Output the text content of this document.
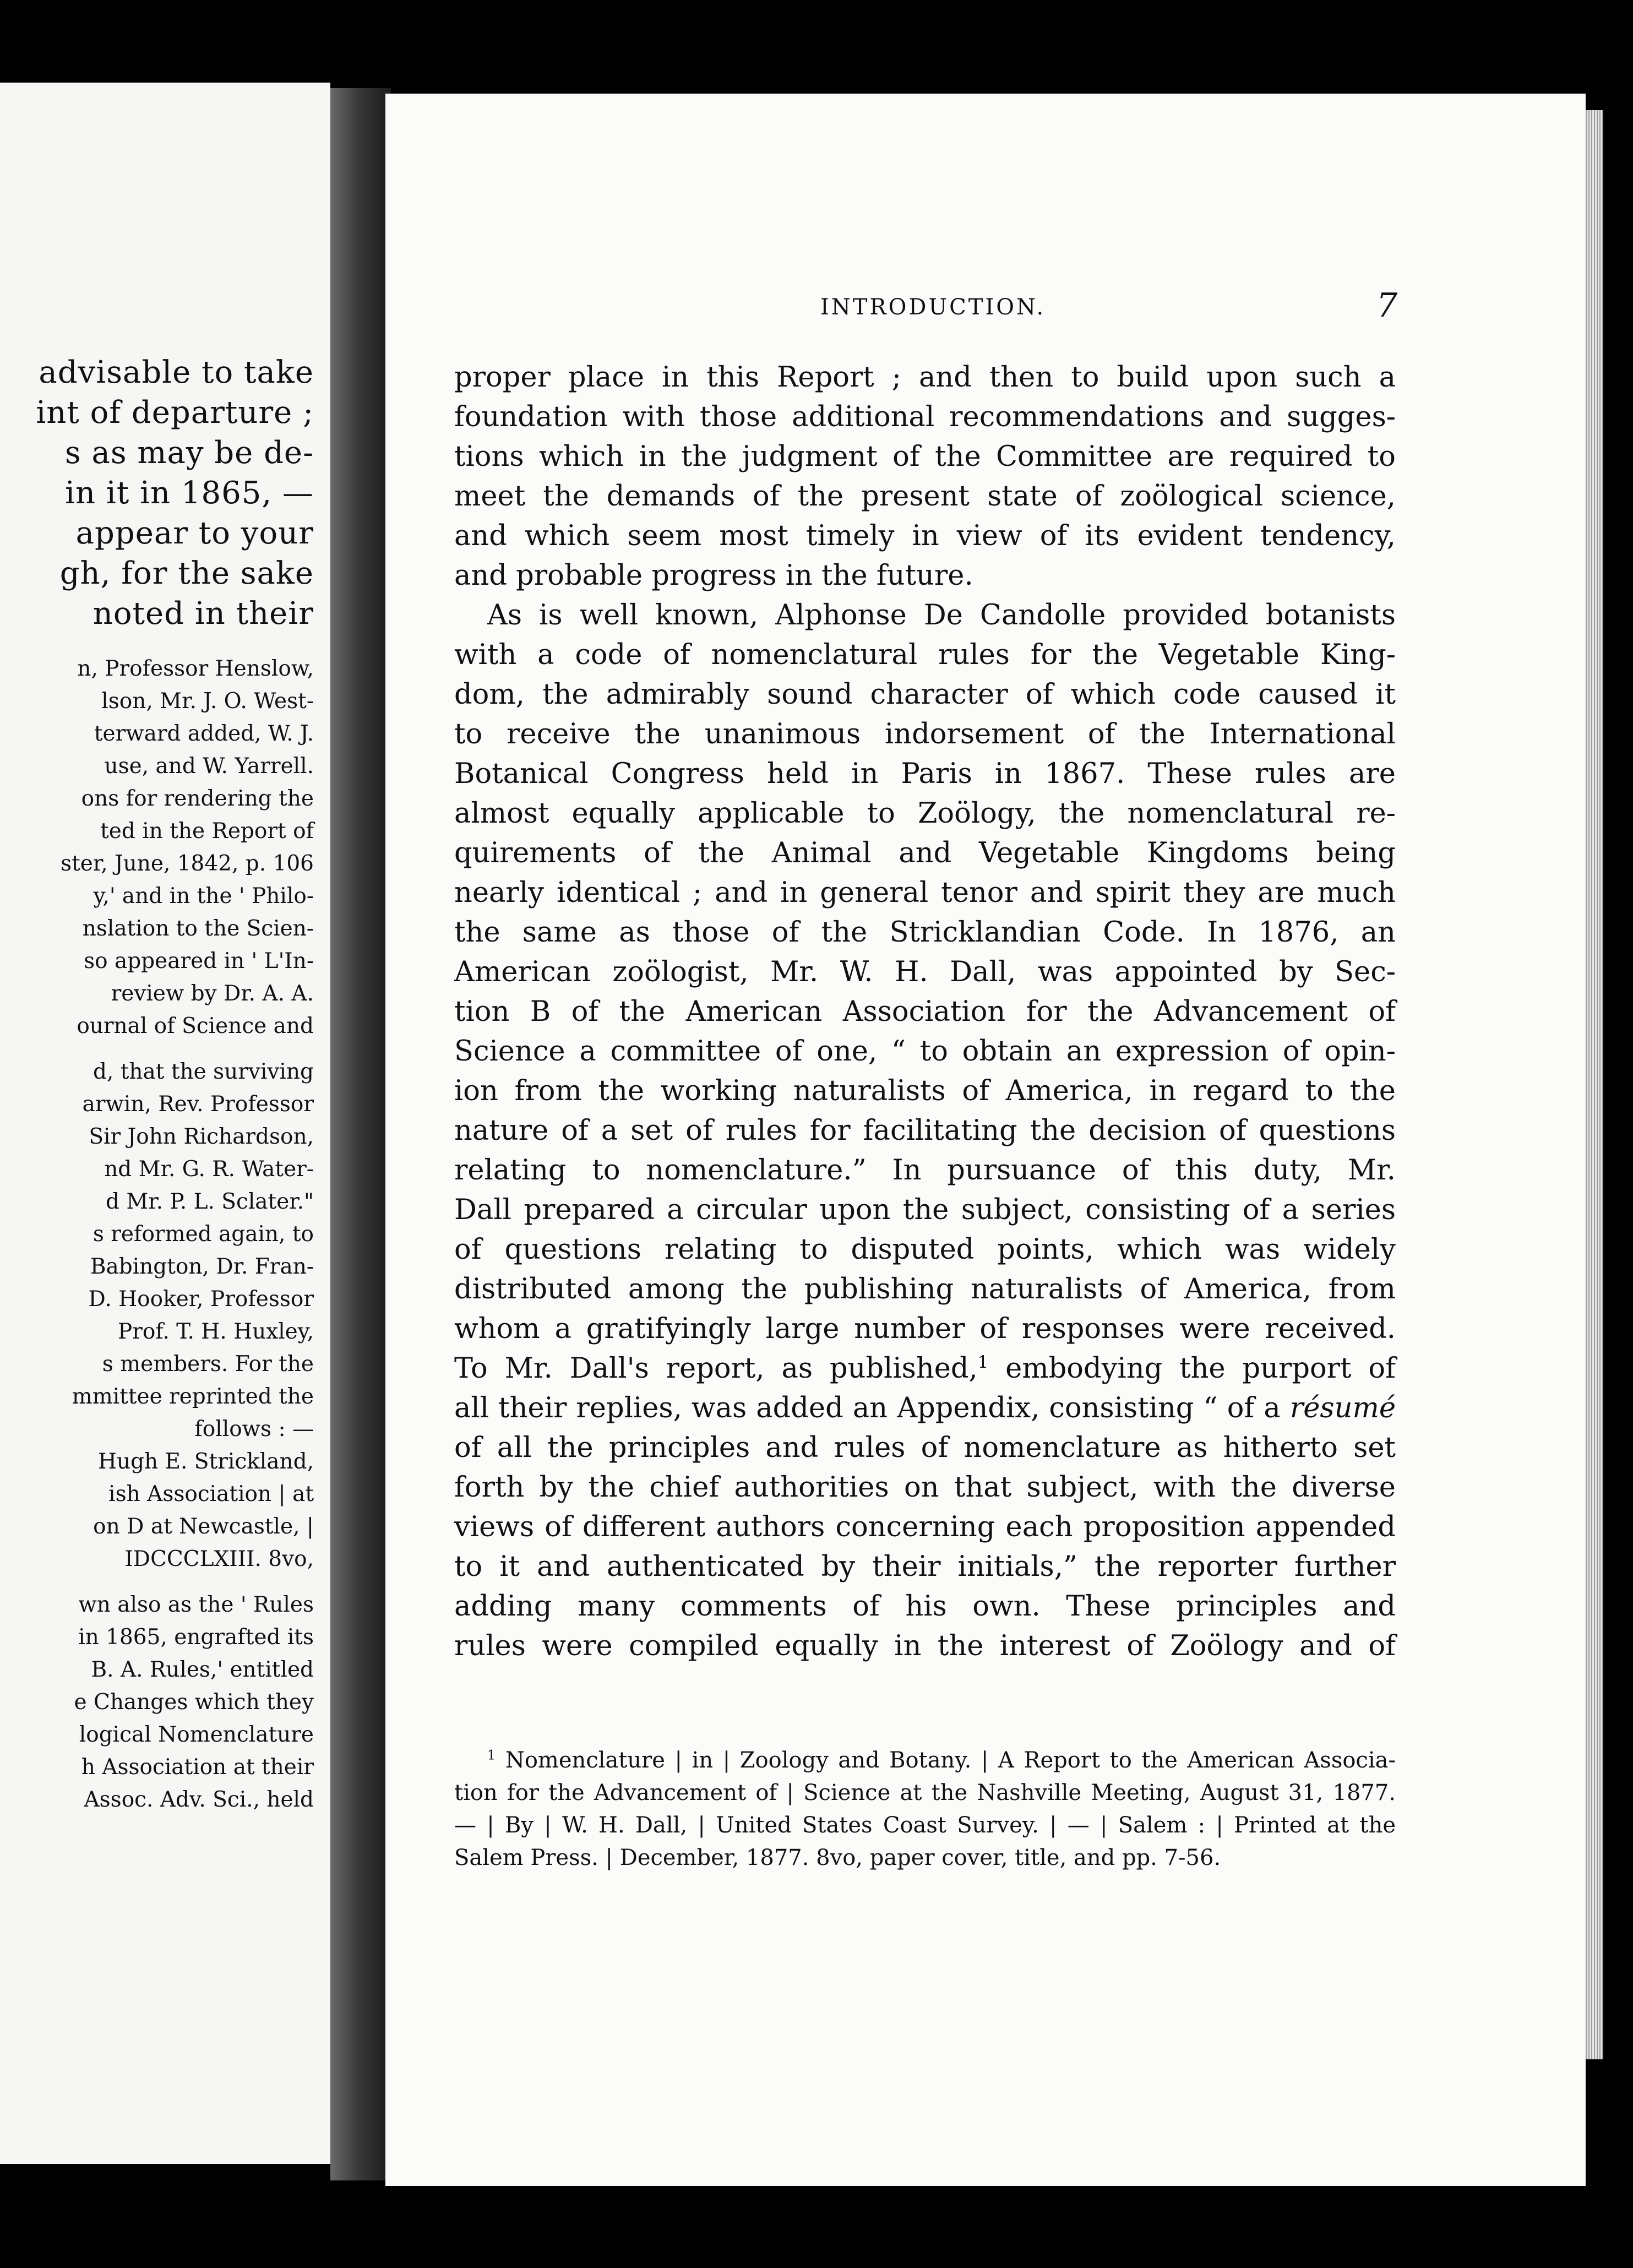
advisable to take

int of departure ;

s as may be de-

in it in 1865, —

appear to your

gh, for the sake

noted in their

n, Professor Henslow,

lson, Mr. J. O. West-

terward added, W. J.

use, and W. Yarrell.

ons for rendering the

ted in the Report of

ster, June, 1842, p. 106

y,' and in the ' Philo-

nslation to the Scien-

so appeared in ' L'In-

review by Dr. A. A.

ournal of Science and

d, that the surviving

arwin, Rev. Professor

Sir John Richardson,

nd Mr. G. R. Water-

d Mr. P. L. Sclater."

s reformed again, to

Babington, Dr. Fran-

D. Hooker, Professor

Prof. T. H. Huxley,

s members. For the

mmittee reprinted the

follows : —

Hugh E. Strickland,

ish Association | at

on D at Newcastle, |

IDCCCLXIII. 8vo,

wn also as the ' Rules

in 1865, engrafted its

B. A. Rules,' entitled

e Changes which they

logical Nomenclature

h Association at their

Assoc. Adv. Sci., held

INTRODUCTION.	7

proper place in this Report ; and then to build upon such a

foundation with those additional recommendations and sugges-

tions which in the judgment of the Committee are required to

meet the demands of the present state of zoölogical science,

and which seem most timely in view of its evident tendency,

and probable progress in the future.

As is well known, Alphonse De Candolle provided botanists

with a code of nomenclatural rules for the Vegetable King-

dom, the admirably sound character of which code caused it

to receive the unanimous indorsement of the International

Botanical Congress held in Paris in 1867. These rules are

almost equally applicable to Zoölogy, the nomenclatural re-

quirements of the Animal and Vegetable Kingdoms being

nearly identical ; and in general tenor and spirit they are much

the same as those of the Stricklandian Code. In 1876, an

American zoölogist, Mr. W. H. Dall, was appointed by Sec-

tion B of the American Association for the Advancement of

Science a committee of one, “ to obtain an expression of opin-

ion from the working naturalists of America, in regard to the

nature of a set of rules for facilitating the decision of questions

relating to nomenclature.” In pursuance of this duty, Mr.

Dall prepared a circular upon the subject, consisting of a series

of questions relating to disputed points, which was widely

distributed among the publishing naturalists of America, from

whom a gratifyingly large number of responses were received.

To Mr. Dall's report, as published,$^1$ embodying the purport of

all their replies, was added an Appendix, consisting “ of a résumé

of all the principles and rules of nomenclature as hitherto set

forth by the chief authorities on that subject, with the diverse

views of different authors concerning each proposition appended

to it and authenticated by their initials,” the reporter further

adding many comments of his own. These principles and

rules were compiled equally in the interest of Zoölogy and of

$^1$ Nomenclature | in | Zoology and Botany. | A Report to the American Associa-

tion for the Advancement of | Science at the Nashville Meeting, August 31, 1877.

— | By | W. H. Dall, | United States Coast Survey. | — | Salem : | Printed at the

Salem Press. | December, 1877. 8vo, paper cover, title, and pp. 7-56.
